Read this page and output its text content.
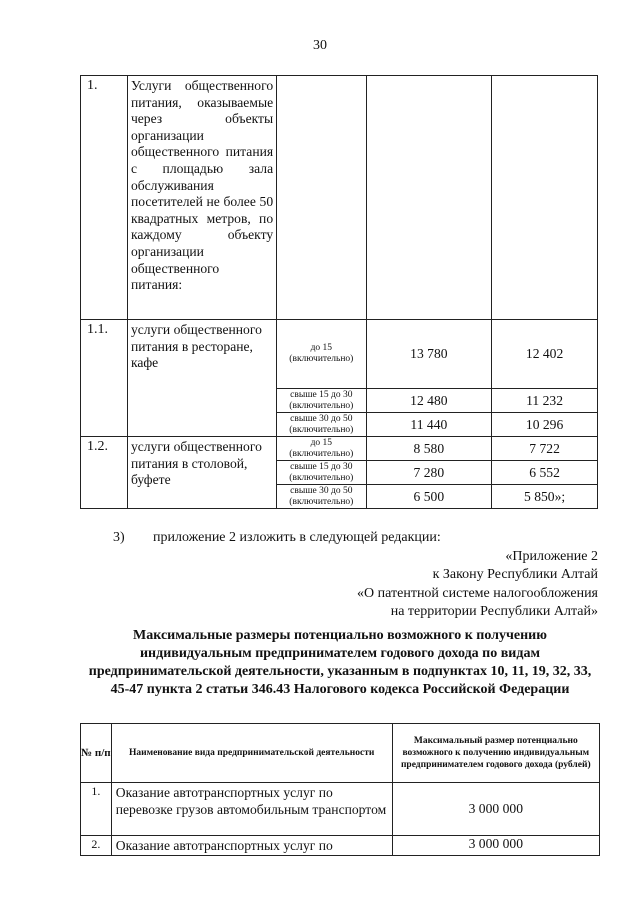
30
1.	Услуги общественного питания, оказываемые через объекты организации общественного питания с площадью зала обслуживания посетителей не более 50 квадратных метров, по каждому объекту организации общественного питания:			
1.1.	услуги общественного питания в ресторане, кафе	до 15 (включительно)	13 780	12 402
		свыше 15 до 30 (включительно)	12 480	11 232
		свыше 30 до 50 (включительно)	11 440	10 296
1.2.	услуги общественного питания в столовой, буфете	до 15 (включительно)	8 580	7 722
		свыше 15 до 30 (включительно)	7 280	6 552
		свыше 30 до 50 (включительно)	6 500	5 850»;
3) приложение 2 изложить в следующей редакции:
«Приложение 2
к Закону Республики Алтай
«О патентной системе налогообложения
на территории Республики Алтай»
Максимальные размеры потенциально возможного к получению индивидуальным предпринимателем годового дохода по видам предпринимательской деятельности, указанным в подпунктах 10, 11, 19, 32, 33, 45-47 пункта 2 статьи 346.43 Налогового кодекса Российской Федерации
№ п/п	Наименование вида предпринимательской деятельности	Максимальный размер потенциально возможного к получению индивидуальным предпринимателем годового дохода (рублей)
1.	Оказание автотранспортных услуг по перевозке грузов автомобильным транспортом	3 000 000
2.	Оказание автотранспортных услуг по	3 000 000
